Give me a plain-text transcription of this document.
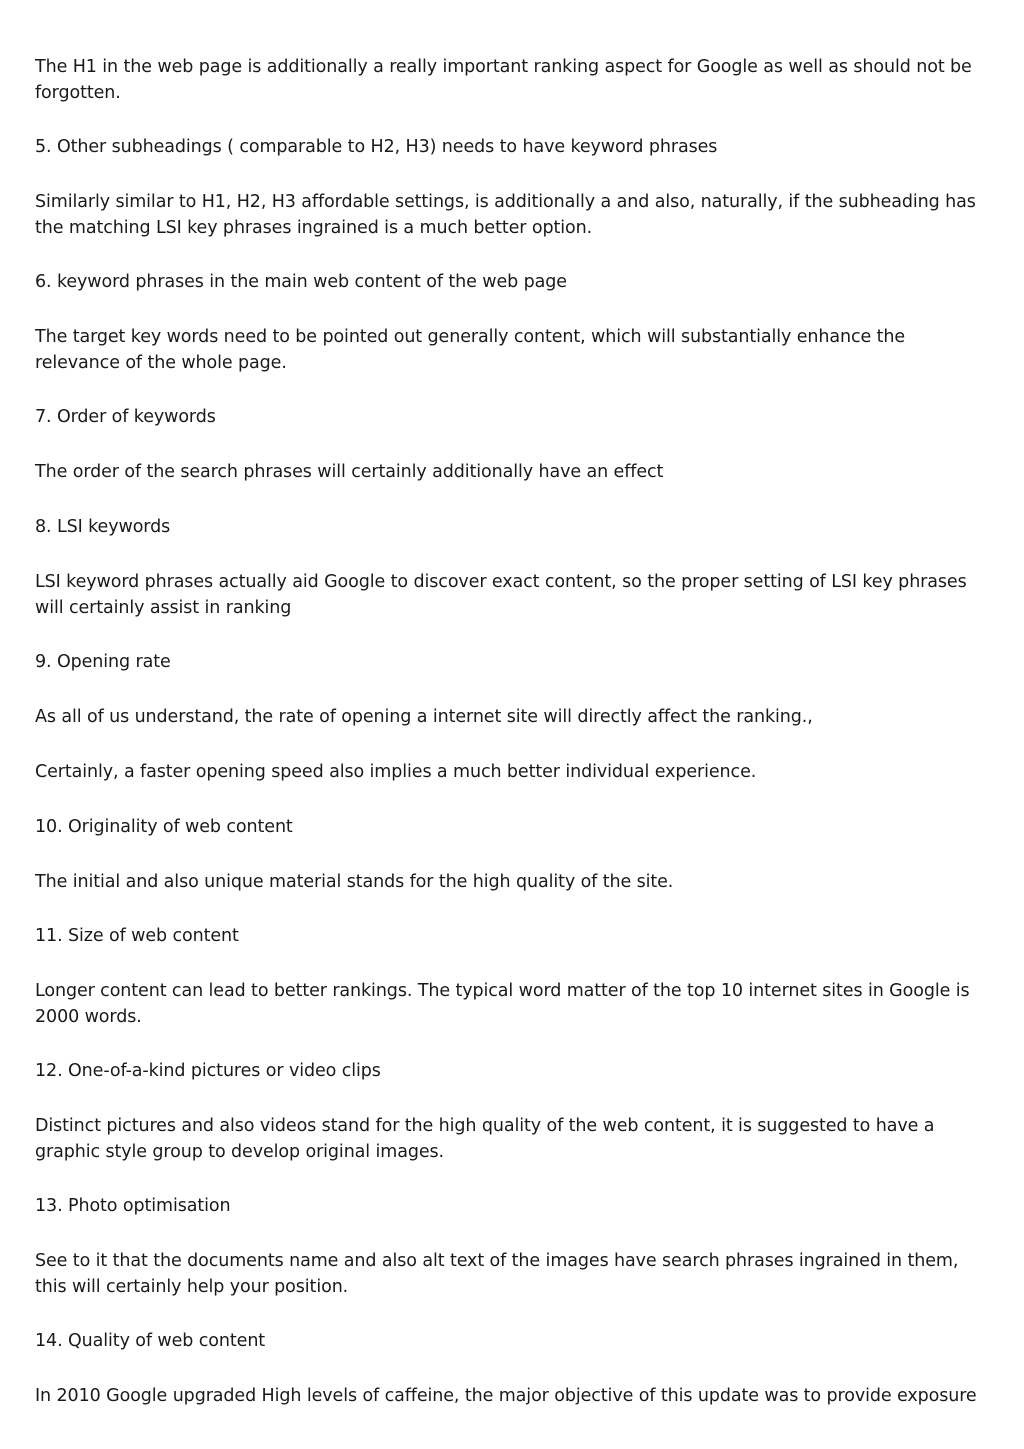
The H1 in the web page is additionally a really important ranking aspect for Google as well as should not be forgotten.

5. Other subheadings ( comparable to H2, H3) needs to have keyword phrases

Similarly similar to H1, H2, H3 affordable settings, is additionally a and also, naturally, if the subheading has the matching LSI key phrases ingrained is a much better option.

6. keyword phrases in the main web content of the web page

The target key words need to be pointed out generally content, which will substantially enhance the relevance of the whole page.

7. Order of keywords

The order of the search phrases will certainly additionally have an effect

8. LSI keywords

LSI keyword phrases actually aid Google to discover exact content, so the proper setting of LSI key phrases will certainly assist in ranking

9. Opening rate

As all of us understand, the rate of opening a internet site will directly affect the ranking.,

Certainly, a faster opening speed also implies a much better individual experience.

10. Originality of web content

The initial and also unique material stands for the high quality of the site.

11. Size of web content

Longer content can lead to better rankings. The typical word matter of the top 10 internet sites in Google is 2000 words.

12. One-of-a-kind pictures or video clips

Distinct pictures and also videos stand for the high quality of the web content, it is suggested to have a graphic style group to develop original images.

13. Photo optimisation

See to it that the documents name and also alt text of the images have search phrases ingrained in them, this will certainly help your position.

14. Quality of web content

In 2010 Google upgraded High levels of caffeine, the major objective of this update was to provide exposure
